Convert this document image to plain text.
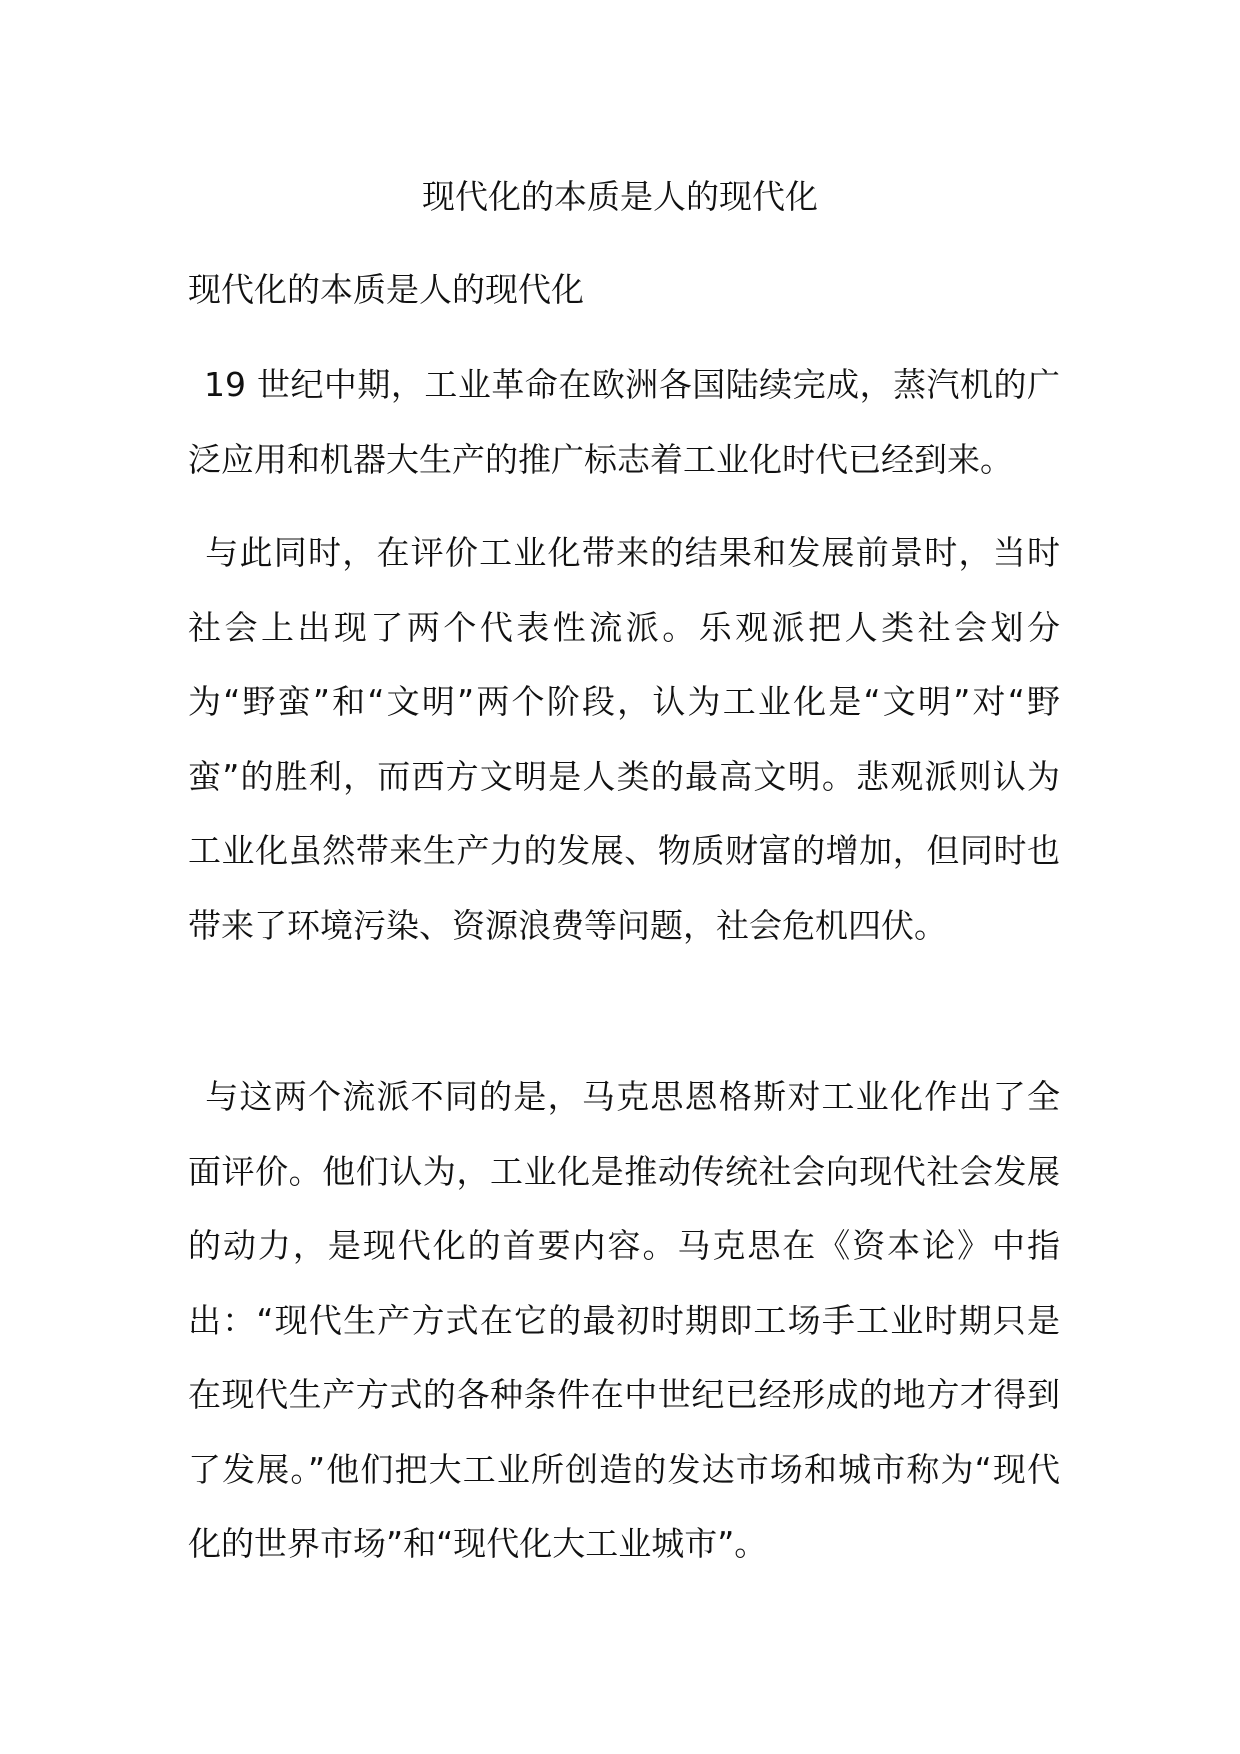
现代化的本质是人的现代化
现代化的本质是人的现代化

19 世纪中期，工业革命在欧洲各国陆续完成，蒸汽机的广泛应用和机器大生产的推广标志着工业化时代已经到来。

与此同时，在评价工业化带来的结果和发展前景时，当时社会上出现了两个代表性流派。乐观派把人类社会划分为“野蛮”和“文明”两个阶段，认为工业化是“文明”对“野蛮”的胜利，而西方文明是人类的最高文明。悲观派则认为工业化虽然带来生产力的发展、物质财富的增加，但同时也带来了环境污染、资源浪费等问题，社会危机四伏。

与这两个流派不同的是，马克思恩格斯对工业化作出了全面评价。他们认为，工业化是推动传统社会向现代社会发展的动力，是现代化的首要内容。马克思在《资本论》中指出：“现代生产方式在它的最初时期即工场手工业时期只是在现代生产方式的各种条件在中世纪已经形成的地方才得到了发展。”他们把大工业所创造的发达市场和城市称为“现代化的世界市场”和“现代化大工业城市”。
